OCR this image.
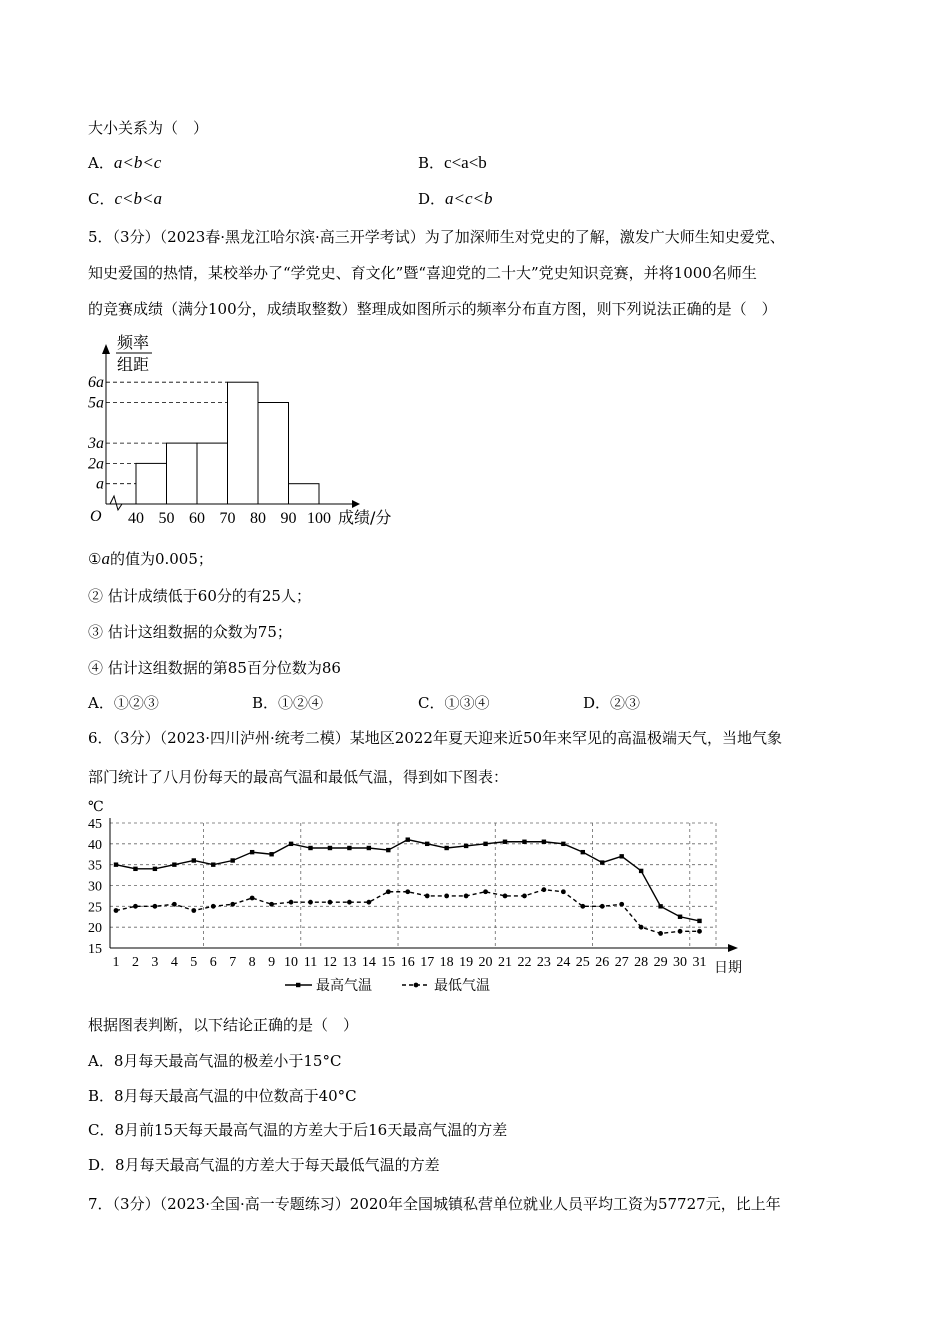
大小关系为（　）
A．a<b<c	B．c<a<b
C．c<b<a	D．a<c<b
5．（3分）（2023春·黑龙江哈尔滨·高三开学考试）为了加深师生对党史的了解，激发广大师生知史爱党、
知史爱国的热情，某校举办了“学党史、育文化”暨“喜迎党的二十大”党史知识竞赛，并将1000名师生
的竞赛成绩（满分100分，成绩取整数）整理成如图所示的频率分布直方图，则下列说法正确的是（　）
频率
组距
O
a
2a
3a
5a
6a
40 50 60 70 80 90 100 成绩/分
①a的值为0.005；
② 估计成绩低于60分的有25人；
③ 估计这组数据的众数为75；
④ 估计这组数据的第85百分位数为86
A．①②③	B．①②④	C．①③④	D．②③
6．（3分）（2023·四川泸州·统考二模）某地区2022年夏天迎来近50年来罕见的高温极端天气，当地气象
部门统计了八月份每天的最高气温和最低气温，得到如下图表：
℃
15
20
25
30
35
40
45
1 2 3 4 5 6 7 8 9 10 11 12 13 14 15 16 17 18 19 20 21 22 23 24 25 26 27 28 29 30 31 日期
最高气温	最低气温
根据图表判断，以下结论正确的是（　）
A．8月每天最高气温的极差小于15°C
B．8月每天最高气温的中位数高于40°C
C．8月前15天每天最高气温的方差大于后16天最高气温的方差
D．8月每天最高气温的方差大于每天最低气温的方差
7．（3分）（2023·全国·高一专题练习）2020年全国城镇私营单位就业人员平均工资为57727元，比上年
